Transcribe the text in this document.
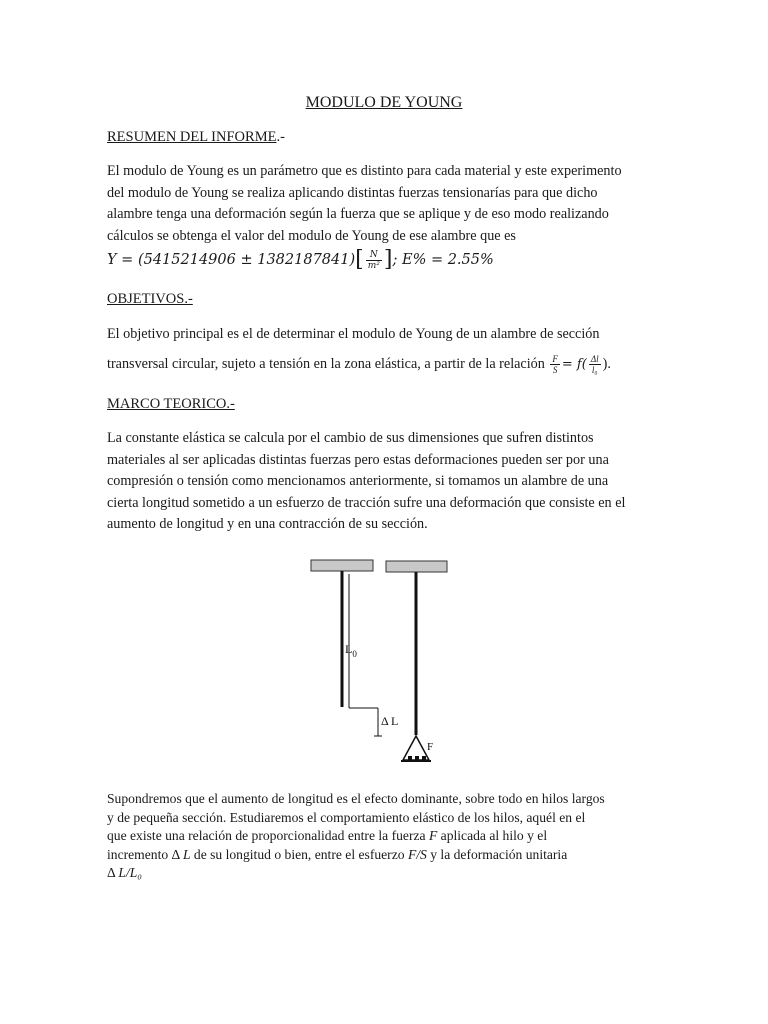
MODULO DE YOUNG
RESUMEN DEL INFORME.-
El modulo de Young es un parámetro que es distinto para cada material y este experimento
del modulo de Young se realiza aplicando distintas fuerzas tensionarías para que dicho
alambre tenga una deformación según la fuerza que se aplique y de eso modo realizando
cálculos se obtenga el valor del modulo de Young de ese alambre que es
$Y = (5415214906 \pm 1382187841)[ \frac{N}{\text{m²}}$ ]; E% = 2.55%
OBJETIVOS.-
El objetivo principal es el de determinar el modulo de Young de un alambre de sección
transversal circular, sujeto a tensión en la zona elástica, a partir de la relación $\frac{F}{S} = f( \frac{\Delta l}{\text{l₀}}$ ).
MARCO TEORICO.-
La constante elástica se calcula por el cambio de sus dimensiones que sufren distintos
materiales al ser aplicadas distintas fuerzas pero estas deformaciones pueden ser por una
compresión o tensión como mencionamos anteriormente, si tomamos un alambre de una
cierta longitud sometido a un esfuerzo de tracción sufre una deformación que consiste en el
aumento de longitud y en una contracción de su sección.
$L_0$
Δ L
F
Supondremos que el aumento de longitud es el efecto dominante, sobre todo en hilos largos
y de pequeña sección. Estudiaremos el comportamiento elástico de los hilos, aquél en el
que existe una relación de proporcionalidad entre la fuerza F aplicada al hilo y el
incremento Δ L de su longitud o bien, entre el esfuerzo F/S y la deformación unitaria
Δ L/L₀
